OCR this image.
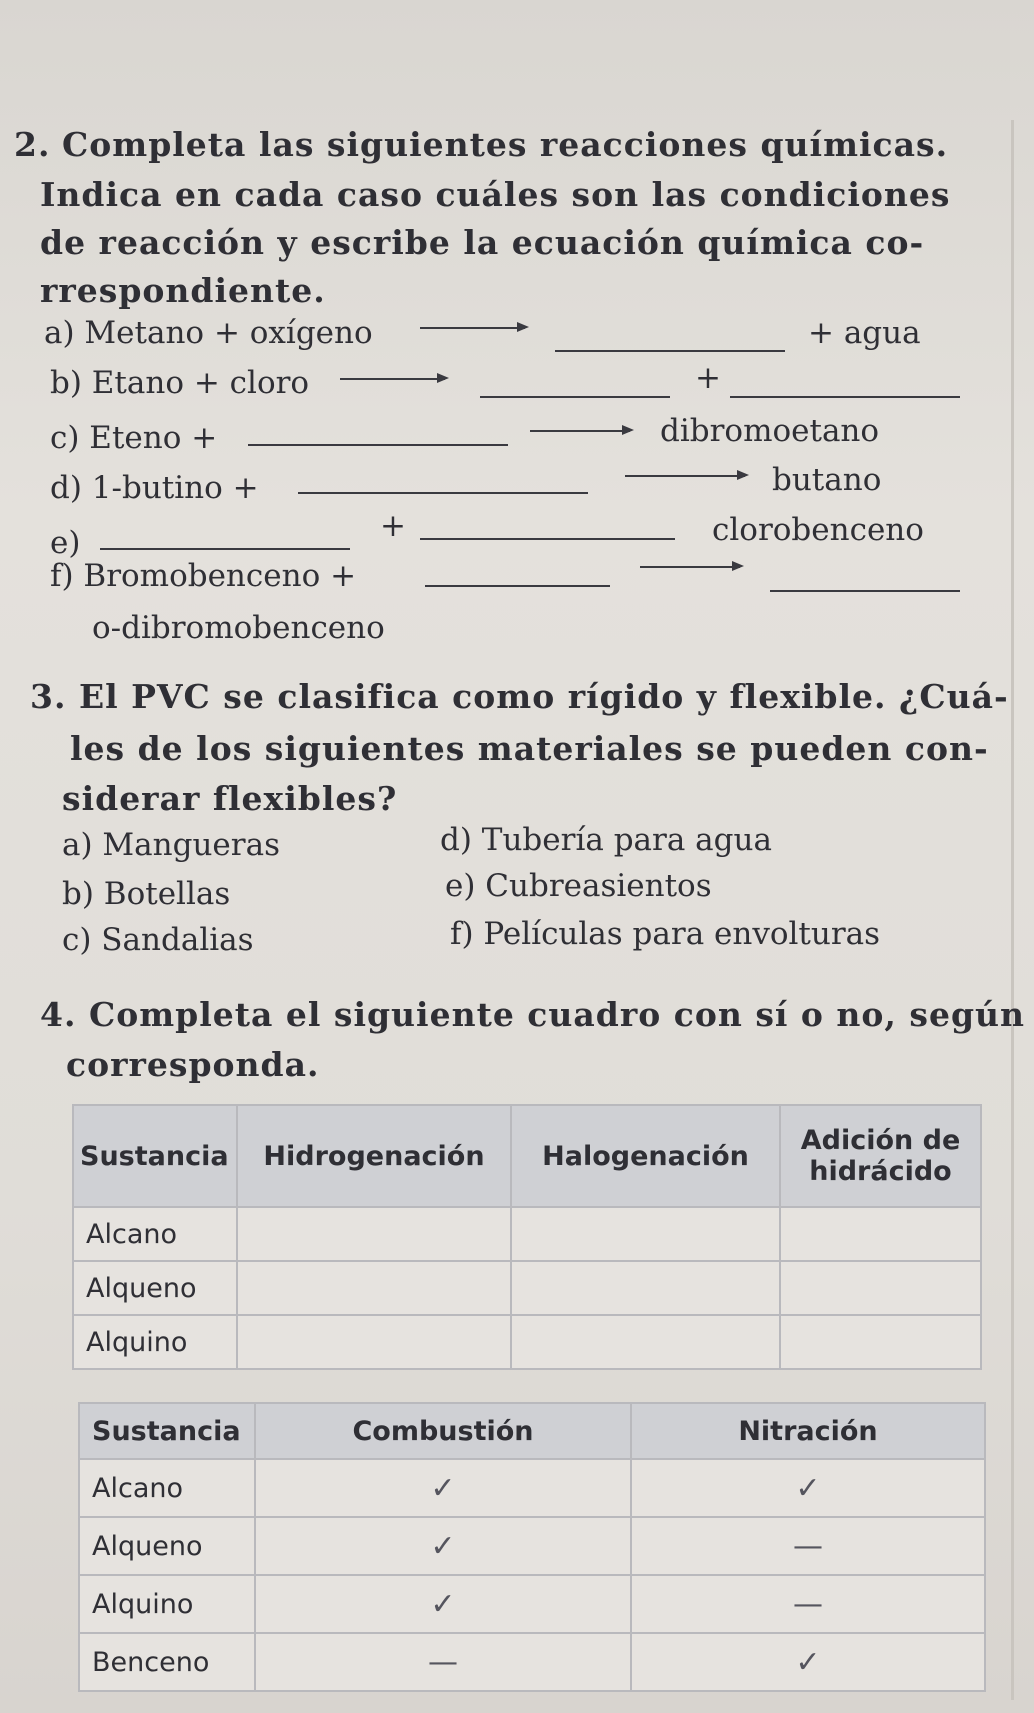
2. Completa las siguientes reacciones químicas.
Indica en cada caso cuáles son las condiciones
de reacción y escribe la ecuación química co-
rrespondiente.
a) Metano + oxígeno	+ agua
b) Etano + cloro	+
c) Eteno +	dibromoetano
d) 1-butino +	butano
e)	+	clorobenceno
f) Bromobenceno +
o-dibromobenceno
3. El PVC se clasifica como rígido y flexible. ¿Cuá-
les de los siguientes materiales se pueden con-
siderar flexibles?
a) Mangueras	d) Tubería para agua
b) Botellas	e) Cubreasientos
c) Sandalias	f) Películas para envolturas
4. Completa el siguiente cuadro con sí o no, según
corresponda.
Sustancia	Hidrogenación	Halogenación	Adición de hidrácido
Alcano			
Alqueno			
Alquino			
Sustancia	Combustión	Nitración
Alcano	✓	✓
Alqueno	✓	—
Alquino	✓	—
Benceno	—	✓
